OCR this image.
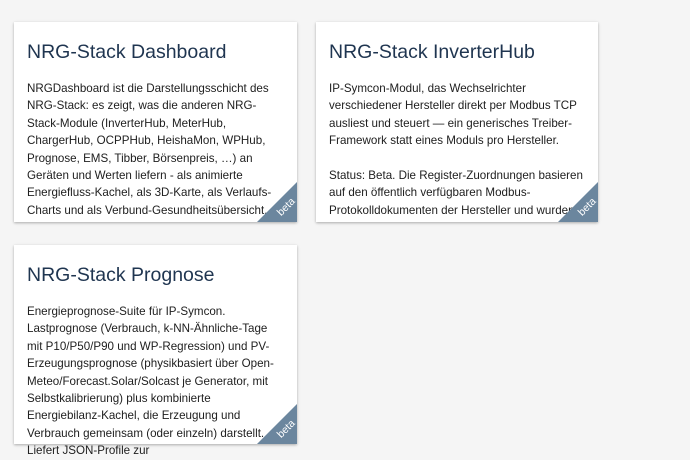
NRG-Stack Dashboard

NRGDashboard ist die Darstellungsschicht des NRG-Stack: es zeigt, was die anderen NRG-Stack-Module (InverterHub, MeterHub, ChargerHub, OCPPHub, HeishaMon, WPHub, Prognose, EMS, Tibber, Börsenpreis, …) an Geräten und Werten liefern - als animierte Energiefluss-Kachel, als 3D-Karte, als Verlaufs-Charts und als Verbund-Gesundheitsübersicht. beta
NRG-Stack InverterHub

IP-Symcon-Modul, das Wechselrichter verschiedener Hersteller direkt per Modbus TCP ausliest und steuert — ein generisches Treiber-Framework statt eines Moduls pro Hersteller.

Status: Beta. Die Register-Zuordnungen basieren auf den öffentlich verfügbaren Modbus-Protokolldokumenten der Hersteller und wurden,

beta
NRG-Stack Prognose

Energieprognose-Suite für IP-Symcon. Lastprognose (Verbrauch, k-NN-Ähnliche-Tage mit P10/P50/P90 und WP-Regression) und PV-Erzeugungsprognose (physikbasiert über Open-Meteo/Forecast.Solar/Solcast je Generator, mit Selbstkalibrierung) plus kombinierte Energiebilanz-Kachel, die Erzeugung und Verbrauch gemeinsam (oder einzeln) darstellt. Liefert JSON-Profile zur

beta
